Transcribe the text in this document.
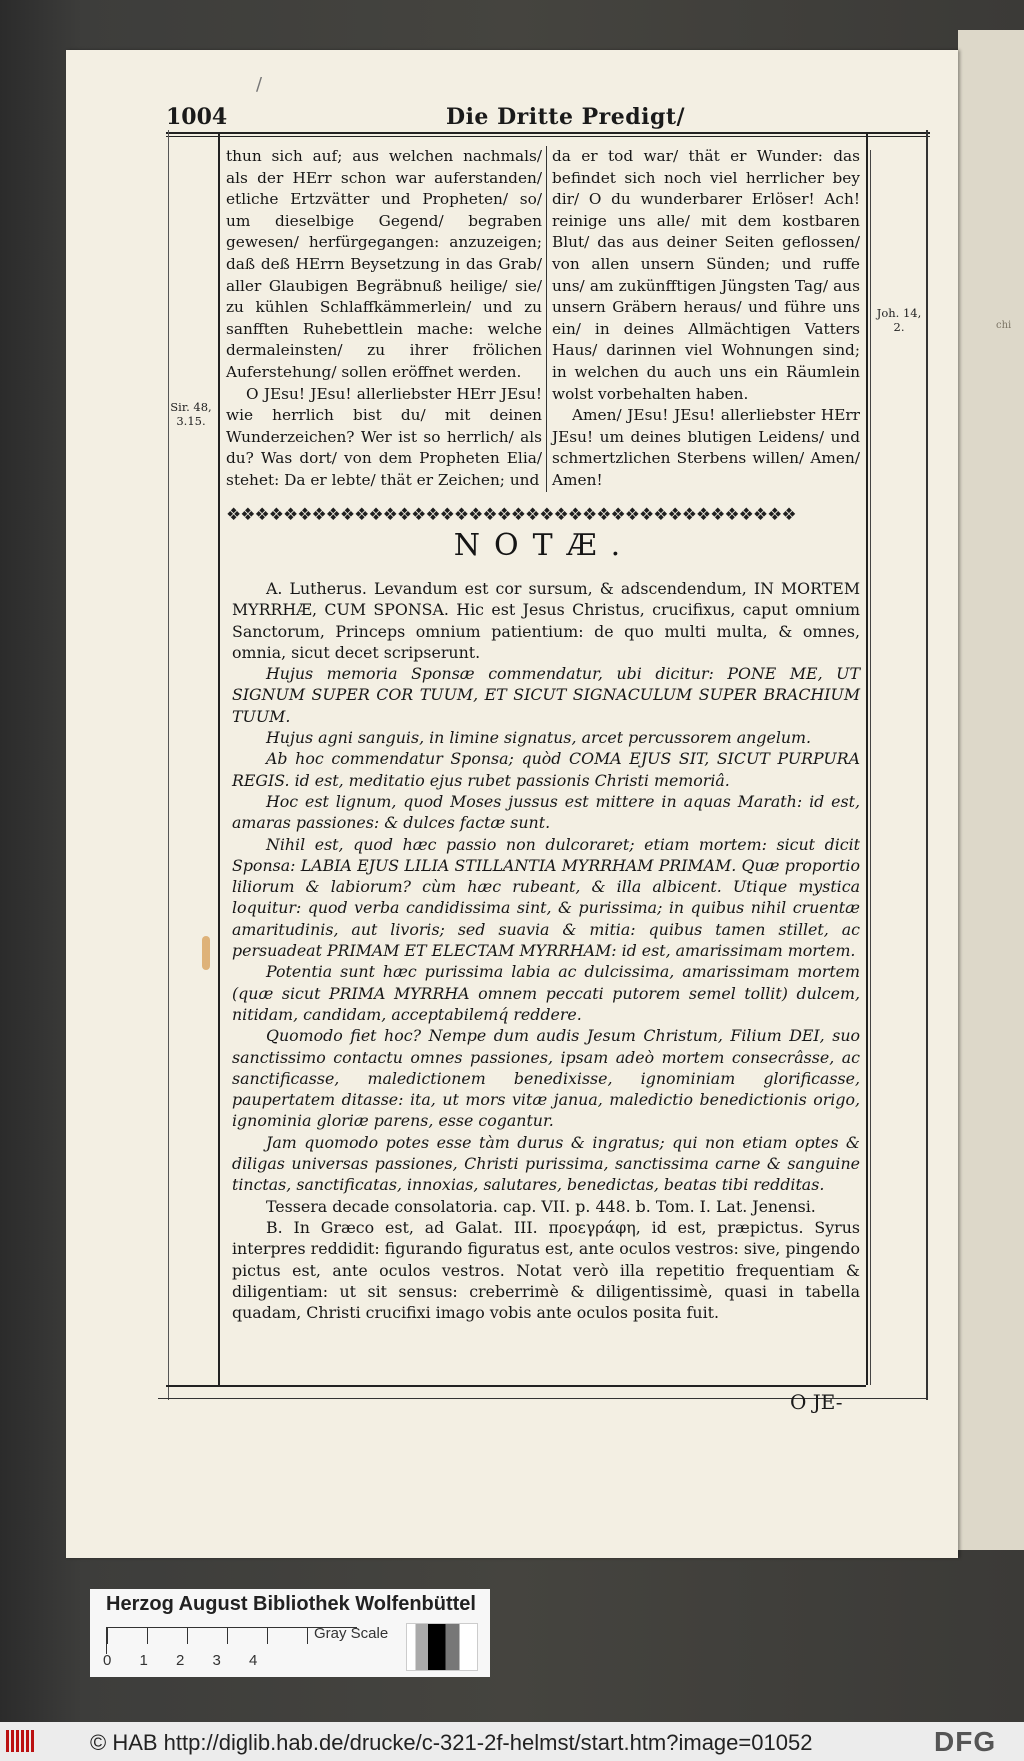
chi
/
1004	Die Dritte Predigt/

thun sich auf; aus welchen nachmals/ als der HErr schon war auferstanden/ etliche Ertzvätter und Propheten/ so/ um dieselbige Gegend/ begraben gewesen/ herfürgegangen: anzuzeigen; daß deß HErrn Beysetzung in das Grab/ aller Glaubigen Begräbnuß heilige/ sie/ zu kühlen Schlaffkämmerlein/ und zu sanfften Ruhebettlein mache: welche dermaleinsten/ zu ihrer frölichen Auferstehung/ sollen eröffnet werden.

O JEsu! JEsu! allerliebster HErr JEsu! wie herrlich bist du/ mit deinen Wunderzeichen? Wer ist so herrlich/ als du? Was dort/ von dem Propheten Elia/ stehet: Da er lebte/ thät er Zeichen; und

da er tod war/ thät er Wunder: das befindet sich noch viel herrlicher bey dir/ O du wunderbarer Erlöser! Ach! reinige uns alle/ mit dem kostbaren Blut/ das aus deiner Seiten geflossen/ von allen unsern Sünden; und ruffe uns/ am zukünfftigen Jüngsten Tag/ aus unsern Gräbern heraus/ und führe uns ein/ in deines Allmächtigen Vatters Haus/ darinnen viel Wohnungen sind; in welchen du auch uns ein Räumlein wolst vorbehalten haben.

Amen/ JEsu! JEsu! allerliebster HErr JEsu! um deines blutigen Leidens/ und schmertzlichen Sterbens willen/ Amen/ Amen!

Sir. 48, 3.15.
Joh. 14, 2.
❖❖❖❖❖❖❖❖❖❖❖❖❖❖❖❖❖❖❖❖❖❖❖❖❖❖❖❖❖❖❖❖❖❖❖❖❖❖❖❖
NOTÆ.

A. Lutherus. Levandum est cor sursum, & adscendendum, IN MORTEM MYRRHÆ, CUM SPONSA. Hic est Jesus Christus, crucifixus, caput omnium Sanctorum, Princeps omnium patientium: de quo multi multa, & omnes, omnia, sicut decet scripserunt.

Hujus memoria Sponsæ commendatur, ubi dicitur: PONE ME, UT SIGNUM SUPER COR TUUM, ET SICUT SIGNACULUM SUPER BRACHIUM TUUM.

Hujus agni sanguis, in limine signatus, arcet percussorem angelum.

Ab hoc commendatur Sponsa; quòd COMA EJUS SIT, SICUT PURPURA REGIS. id est, meditatio ejus rubet passionis Christi memoriâ.

Hoc est lignum, quod Moses jussus est mittere in aquas Marath: id est, amaras passiones: & dulces factæ sunt.

Nihil est, quod hæc passio non dulcoraret; etiam mortem: sicut dicit Sponsa: LABIA EJUS LILIA STILLANTIA MYRRHAM PRIMAM. Quæ proportio liliorum & labiorum? cùm hæc rubeant, & illa albicent. Utique mystica loquitur: quod verba candidissima sint, & purissima; in quibus nihil cruentæ amaritudinis, aut livoris; sed suavia & mitia: quibus tamen stillet, ac persuadeat PRIMAM ET ELECTAM MYRRHAM: id est, amarissimam mortem.

Potentia sunt hæc purissima labia ac dulcissima, amarissimam mortem (quæ sicut PRIMA MYRRHA omnem peccati putorem semel tollit) dulcem, nitidam, candidam, acceptabilemq́ reddere.

Quomodo fiet hoc? Nempe dum audis Jesum Christum, Filium DEI, suo sanctissimo contactu omnes passiones, ipsam adeò mortem consecrâsse, ac sanctificasse, maledictionem benedixisse, ignominiam glorificasse, paupertatem ditasse: ita, ut mors vitæ janua, maledictio benedictionis origo, ignominia gloriæ parens, esse cogantur.

Jam quomodo potes esse tàm durus & ingratus; qui non etiam optes & diligas universas passiones, Christi purissima, sanctissima carne & sanguine tinctas, sanctificatas, innoxias, salutares, benedictas, beatas tibi redditas.

Tessera decade consolatoria. cap. VII. p. 448. b. Tom. I. Lat. Jenensi.

B. In Græco est, ad Galat. III. προεγράφη, id est, præpictus. Syrus interpres reddidit: figurando figuratus est, ante oculos vestros: sive, pingendo pictus est, ante oculos vestros. Notat verò illa repetitio frequentiam & diligentiam: ut sit sensus: creberrimè & diligentissimè, quasi in tabella quadam, Christi crucifixi imago vobis ante oculos posita fuit.

O JE-
Herzog August Bibliothek Wolfenbüttel
0 1 2 3 4
Gray Scale
© HAB http://diglib.hab.de/drucke/c-321-2f-helmst/start.htm?image=01052	DFG
